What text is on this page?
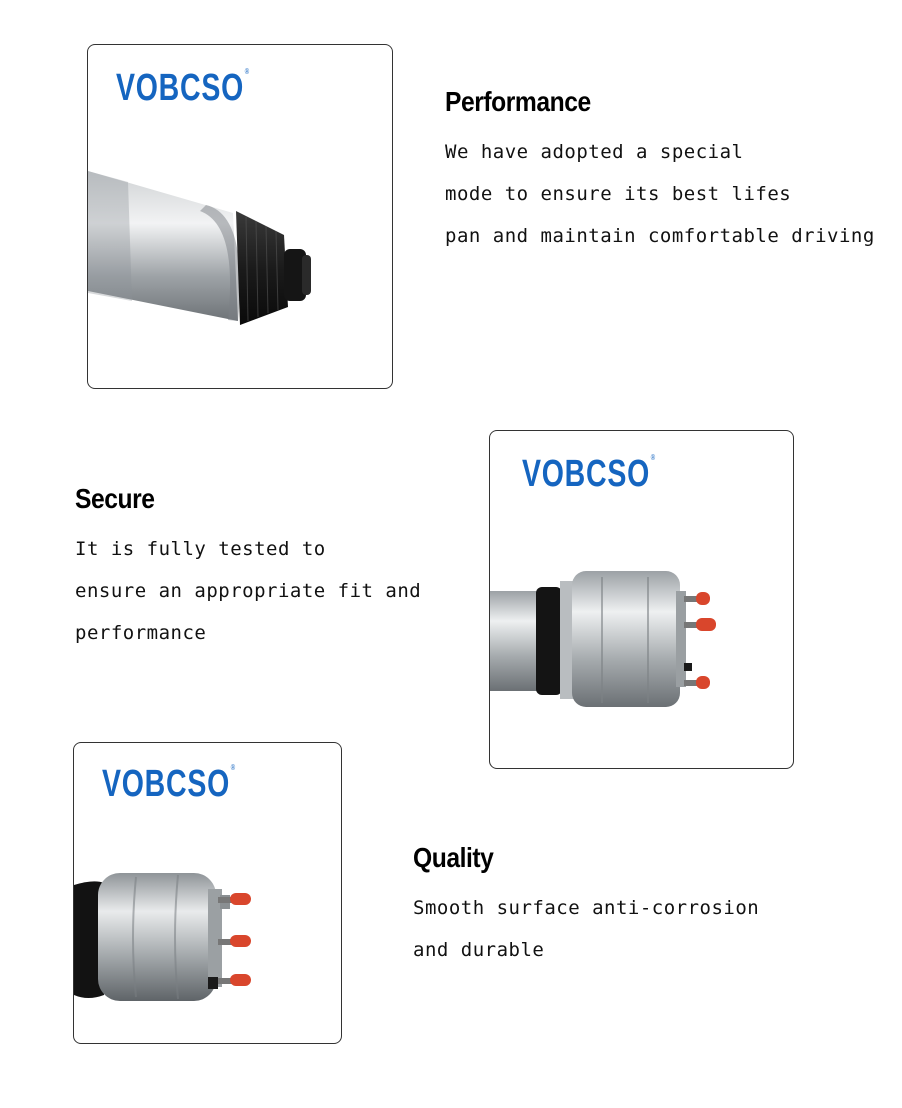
VOBCSO®
Performance
We have adopted a special
mode to ensure its best lifes
pan and maintain comfortable driving
VOBCSO®
Secure
It is fully tested to
ensure an appropriate fit and
performance
VOBCSO®
Quality
Smooth surface anti-corrosion
and durable
